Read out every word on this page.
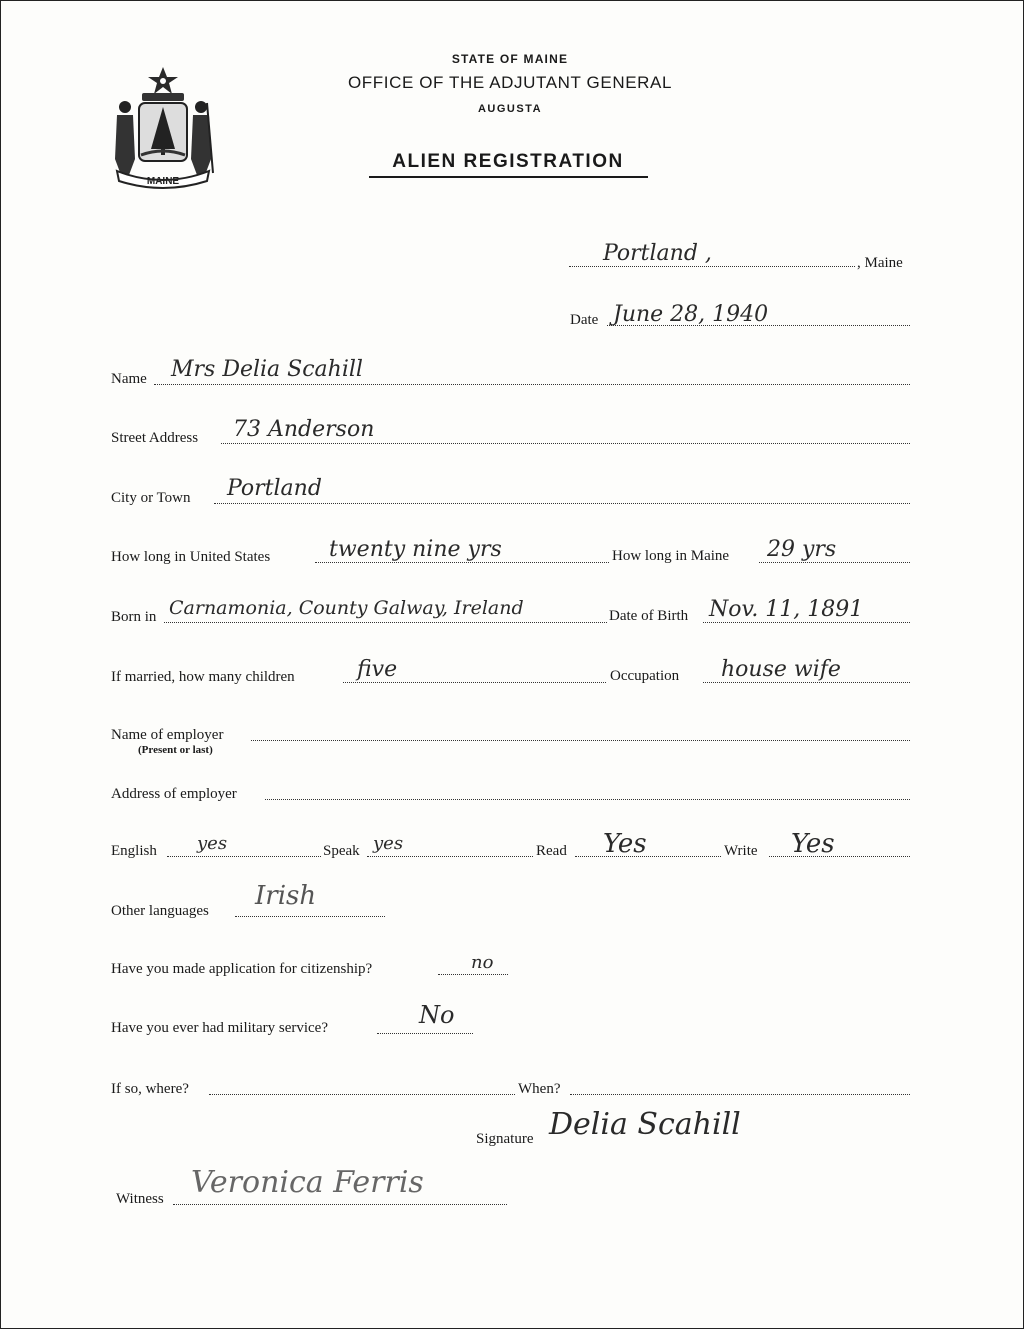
MAINE
STATE OF MAINE
OFFICE OF THE ADJUTANT GENERAL
AUGUSTA
ALIEN REGISTRATION
Portland ,	, Maine
Date June 28, 1940
Name Mrs Delia Scahill
Street Address 73 Anderson
City or Town Portland
How long in United States	twenty nine yrs	How long in Maine 29 yrs
Born in Carnamonia, County Galway, Ireland	Date of Birth Nov. 11, 1891
If married, how many children	five	Occupation house wife
Name of employer
(Present or last)
Address of employer
English yes	Speak yes	Read Yes	Write Yes
Other languages Irish
Have you made application for citizenship?	no
Have you ever had military service?	No
If so, where?	When?
Signature Delia Scahill
Witness Veronica Ferris
